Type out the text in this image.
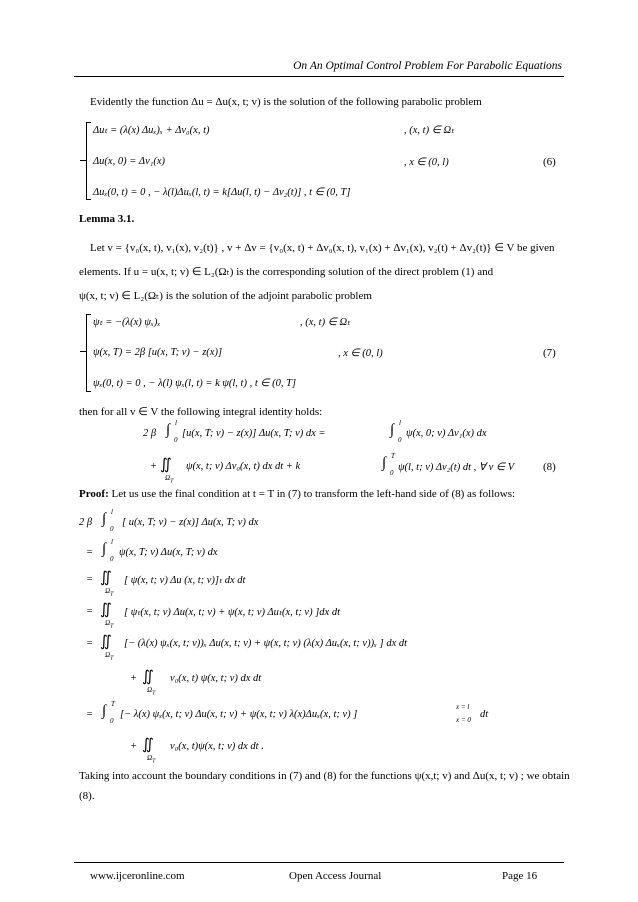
On An Optimal Control Problem For Parabolic Equations
Evidently the function Δu = Δu(x, t; v) is the solution of the following parabolic problem
Δuₜ = (λ(x) Δuₓ)ₓ + Δv₀(x, t)	, (x, t) ∈ Ωₜ
Δu(x, 0) = Δv₁(x)	, x ∈ (0, l)
Δuₓ(0, t) = 0 , − λ(l)Δuₓ(l, t) = k[Δu(l, t) − Δv₂(t)] , t ∈ (0, T]
(6)
Lemma 3.1.
Let v = {v₀(x, t), v₁(x), v₂(t)} , v + Δv = {v₀(x, t) + Δv₀(x, t), v₁(x) + Δv₁(x), v₂(t) + Δv₂(t)} ∈ V be given
elements. If u = u(x, t; v) ∈ L₂(Ωₜ) is the corresponding solution of the direct problem (1) and
ψ(x, t; v) ∈ L₂(Ωₜ) is the solution of the adjoint parabolic problem
ψₜ = −(λ(x) ψₓ)ₓ	, (x, t) ∈ Ωₜ
ψ(x, T) = 2β [u(x, T; v) − z(x)]	, x ∈ (0, l)
ψₓ(0, t) = 0 , − λ(l) ψₓ(l, t) = k ψ(l, t) , t ∈ (0, T]
(7)
then for all v ∈ V the following integral identity holds:
2 β ∫ l
0
[u(x, T; v) − z(x)] Δu(x, T; v) dx =	∫ l
0
ψ(x, 0; v) Δv₁(x) dx
+ ∬
$\Omega_T$
ψ(x, t; v) Δv₀(x, t) dx dt + k	∫ T
0 ψ(l, t; v) Δv₂(t) dt , ∀ v ∈ V	(8)
Proof: Let us use the final condition at t = T in (7) to transform the left-hand side of (8) as follows:
2 β ∫ l
0
[ u(x, T; v) − z(x)] Δu(x, T; v) dx
= ∫ l
0
ψ(x, T; v) Δu(x, T; v) dx
= ∬
$\Omega_T$
[ ψ(x, t; v) Δu (x, t; v)]ₜ dx dt
= ∬
$\Omega_T$
[ ψₜ(x, t; v) Δu(x, t; v) + ψ(x, t; v) Δuₜ(x, t; v) ]dx dt
= ∬
$\Omega_T$
[− (λ(x) ψₓ(x, t; v))ₓ Δu(x, t; v) + ψ(x, t; v) (λ(x) Δuₓ(x, t; v))ₓ ] dx dt
+ ∬
$\Omega_T$
v₀(x, t) ψ(x, t; v) dx dt
= ∫ T
0
[− λ(x) ψₓ(x, t; v) Δu(x, t; v) + ψ(x, t; v) λ(x)Δuₓ(x, t; v) ]
x = l
x = 0 dt
+ ∬
$\Omega_T$
v₀(x, t)ψ(x, t; v) dx dt .
Taking into account the boundary conditions in (7) and (8) for the functions ψ(x,t; v) and Δu(x, t; v) ; we obtain
(8).
www.ijceronline.com	Open Access Journal	Page 16
